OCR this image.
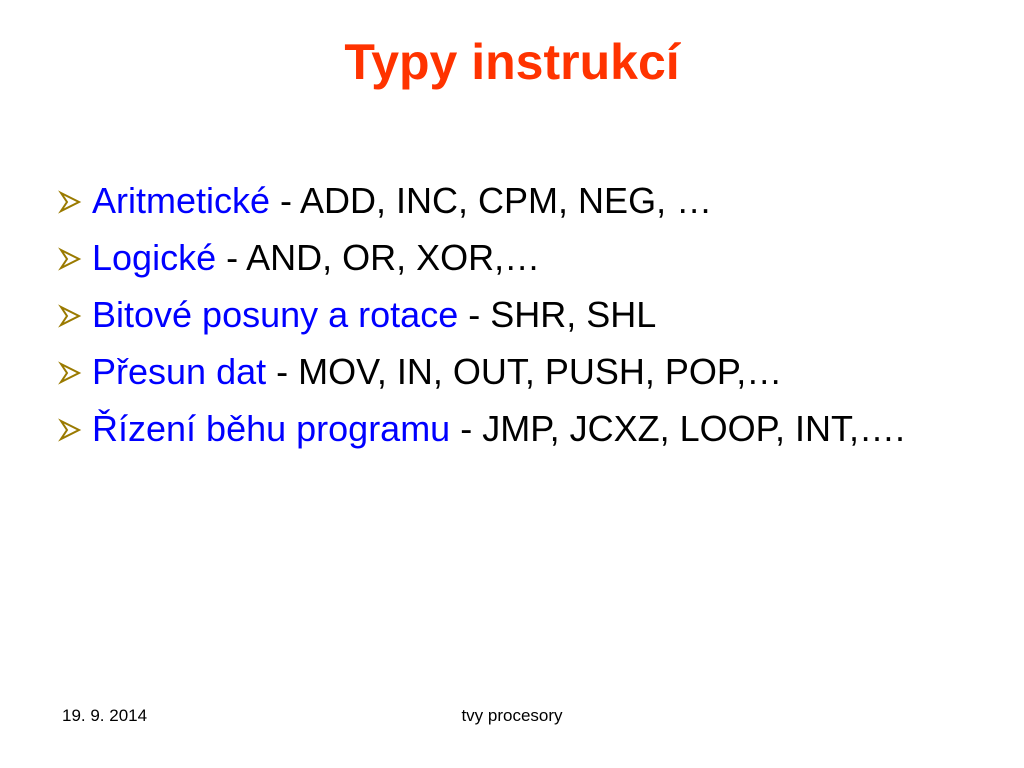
Typy instrukcí
Aritmetické - ADD, INC, CPM, NEG, …
Logické - AND, OR, XOR,…
Bitové posuny a rotace - SHR, SHL
Přesun dat - MOV, IN, OUT, PUSH, POP,…
Řízení běhu programu - JMP, JCXZ, LOOP, INT,….
19. 9. 2014	tvy procesory
